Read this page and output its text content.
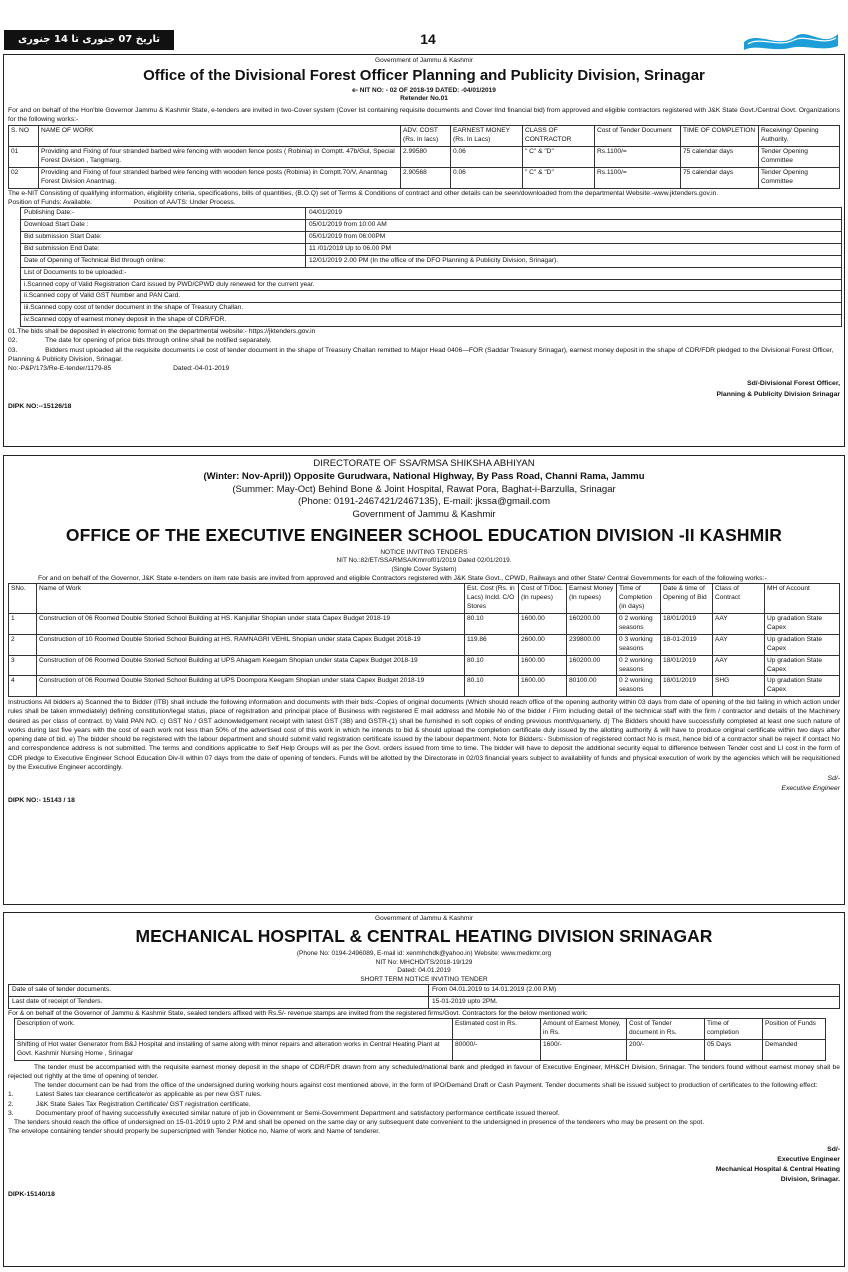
تاریخ 07 جنوری تا 14 جنوری 2019
14
Government of Jammu & Kashmir
Office of the Divisional Forest Officer Planning and Publicity Division, Srinagar
e- NIT NO: - 02 OF 2018-19 DATED: -04/01/2019
Retender No.01

For and on behalf of the Hon'ble Governor Jammu & Kashmir State, e-tenders are invited in two-Cover system (Cover Ist containing requisite documents and Cover IInd financial bid) from approved and eligible contractors registered with J&K State Govt./Central Govt. Organizations for the following works:-

S. NO	NAME OF WORK	ADV. COST (Rs. In lacs)	EARNEST MONEY (Rs. In Lacs)	CLASS OF CONTRACTOR	Cost of Tender Document	TIME OF COMPLETION	Receiving/ Opening Authority.
01	Providing and Fixing of four stranded barbed wire fencing with wooden fence posts ( Robinia) in Comptt. 47b/Gul, Special Forest Division , Tangmarg.	2.99580	0.06	" C" & "D"	Rs.1100/=	75 calendar days	Tender Opening Committee
02	Providing and Fixing of four stranded barbed wire fencing with wooden fence posts (Robinia) in Comptt.70/V, Anantnag Forest Division Anantnag.	2.90568	0.06	" C" & "D"	Rs.1100/=	75 calendar days	Tender Opening Committee
The e-NIT Consisting of qualifying information, eligibility criteria, specifications, bills of quantities, (B.O.Q) set of Terms & Conditions of contract and other details can be seen/downloaded from the departmental Website:-www.jktenders.gov.in.
Position of Funds: Available.	Position of AA/TS: Under Process.
Publishing Date:-	04/01/2019
Download Start Date :	05/01/2019 from 10:00 AM
Bid submission Start Date:	05/01/2019 from 06:00PM
Bid submission End Date:	11 /01/2019 Up to 06.00 PM
Date of Opening of Technical Bid through online:	12/01/2019 2.00 PM (In the office of the DFO Planning & Publicity Division, Srinagar).
List of Documents to be uploaded:-	
i.Scanned copy of Valid Registration Card issued by PWD/CPWD duly renewed for the current year.	
ii.Scanned copy of Valid GST Number and PAN Card.	
iii.Scanned copy cost of tender document in the shape of Treasury Challan.	
iv.Scanned copy of earnest money deposit in the shape of CDR/FDR.	
01.The bids shall be deposited in electronic format on the departmental website:- https://jktenders.gov.in
02.	The date for opening of price bids through online shall be notified separately.
03.	Bidders must uploaded all the requisite documents i.e cost of tender document in the shape of Treasury Challan remitted to Major Head 0406—FOR (Saddar Treasury Srinagar), earnest money deposit in the shape of CDR/FDR pledged to the Divisional Forest Officer, Planning & Publicity Division, Srinagar.
No:-P&P/173/Re-E-tender/1179-85	Dated:-04-01-2019
Sd/-Divisional Forest Officer,
Planning & Publicity Division Srinagar
DIPK NO:--15126/18
DIRECTORATE OF SSA/RMSA SHIKSHA ABHIYAN
(Winter: Nov-April)) Opposite Gurudwara, National Highway, By Pass Road, Channi Rama, Jammu
(Summer: May-Oct) Behind Bone & Joint Hospital, Rawat Pora, Baghat-i-Barzulla, Srinagar
(Phone: 0191-2467421/2467135), E-mail: jkssa@gmail.com
Government of Jammu & Kashmir
OFFICE OF THE EXECUTIVE ENGINEER SCHOOL EDUCATION DIVISION -II KASHMIR
NOTICE INVITING TENDERS
NIT No.:82/ET/SSARMSA/Kmrrof01/2019 Dated 02/01/2019.
(Single Cover System)

For and on behalf of the Governor, J&K State e-tenders on item rate basis are invited from approved and eligible Contractors registered with J&K State Govt., CPWD, Railways and other State/ Central Governments for each of the following works:-

SNo.	Name of Work	Est. Cost (Rs. in Lacs) Incld. C/O Stores	Cost of T/Doc. (In rupees)	Earnest Money (In rupees)	Time of Completion (in days)	Date & time of Opening of Bid	Class of Contract	MH of Account
1	Construction of 06 Roomed Double Storied School Building at HS. Kanjullar Shopian under stata Capex Budget 2018-19	80.10	1600.00	160200.00	0 2 working seasons	18/01/2019	AAY	Up gradation State Capex
2	Construction of 10 Roomed Double Storied School Building at HS. RAMNAGRI VEHIL Shopian under stata Capex Budget 2018-19	119.86	2600.00	239800.00	0 3 working seasons	18-01-2019	AAY	Up gradation State Capex
3	Construction of 06 Roomed Double Storied School Building at UPS Ahagam Keegam Shopian under stata Capex Budget 2018-19	80.10	1600.00	160200.00	0 2 working seasons	18/01/2019	AAY	Up gradation State Capex
4	Construction of 06 Roomed Double Storied School Building at UPS Doompora Keegam Shopian under stata Capex Budget 2018-19	80.10	1600.00	80100.00	0 2 working seasons	18/01/2019	SHG	Up gradation State Capex

Instructions All bidders a) Scanned the to Bidder (ITB) shall include the following information and documents with their bids:-Copies of original documents (Which should reach office of the opening authority within 03 days from date of opening of the bid failing in which action under rules shall be taken immediately) defining constitution/legal status, place of registration and principal place of Business with registered E mail address and Mobile No of the bidder / Firm including detail of the technical staff with the firm / contractor and details of the Machinery desired as per class of contract. b) Valid PAN NO. c) GST No / GST acknowledgement receipt with latest GST (3B) and GSTR-(1) shall be furnished in soft copies of ending previous month/quarterly. d) The Bidders should have successfully completed at least one such nature of works during last five years with the cost of each work not less than 50% of the advertised cost of this work in which he intends to bid & should upload the completion certificate duly issued by the allotting authority & will have to produce original certificate within two days after opening date of bid. e) The bidder should be registered with the labour department and should submit valid registration certificate issued by the labour department. Note for Bidders:- Submission of registered contact No is must, hence bid of a contractor shall be reject if contact No and correspondence address is not submitted. The terms and conditions applicable to Self Help Groups will as per the Govt. orders issued from time to time. The bidder will have to deposit the additional security equal to difference between Tender cost and LI cost in the form of CDR pledge to Executive Engineer School Education Div-II within 07 days from the date of opening of tenders. Funds will be allotted by the Directorate in 02/03 financial years subject to availability of funds and physical execution of work by the agencies which will be requisitioned by the Executive Engineer accordingly.

Sd/-
Executive Engineer
DIPK NO:- 15143 / 18
Government of Jammu & Kashmir
MECHANICAL HOSPITAL & CENTRAL HEATING DIVISION SRINAGAR
(Phone No: 0194-2496089, E-mail id: xenmhchdk@yahoo.in) Website: www.medkmr.org
NIT No: MHCHD/TS/2018-19/129
Dated: 04.01.2019
SHORT TERM NOTICE INVITING TENDER
Date of sale of tender documents.	From 04.01.2019 to 14.01.2019 (2.00 P.M)
Last date of receipt of Tenders.	15-01-2019 upto 2PM.
For & on behalf of the Governor of Jammu & Kashmir State, sealed tenders affixed with Rs.5/- revenue stamps are invited from the registered firms/Govt. Contractors for the below mentioned work:
Description of work.	Estimated cost in Rs.	Amount of Earnest Money, in Rs.	Cost of Tender document in Rs.	Time of completion	Position of Funds
Shifting of Hot water Generator from B&J Hospital and installing of same along with minor repairs and alteration works in Central Heating Plant at Govt. Kashmir Nursing Home , Srinagar	80000/-	1600/-	200/-	05 Days	Demanded

The tender must be accompanied with the requisite earnest money deposit in the shape of CDR/FDR drawn from any scheduled/national bank and pledged in favour of Executive Engineer, MH&CH Division, Srinagar. The tenders found without earnest money shall be rejected out rightly at the time of opening of tender.

The tender document can be had from the office of the undersigned during working hours against cost mentioned above, in the form of IPO/Demand Draft or Cash Payment. Tender documents shall be issued subject to production of certificates to the following effect:

1.	Latest Sales tax clearance certificate/or as applicable as per new GST rules.
2.	J&K State Sales Tax Registration Certificate/ GST registration certificate.
3.	Documentary proof of having successfully executed similar nature of job in Government or Semi-Government Department and satisfactory performance certificate issued thereof.

The tenders should reach the office of undersigned on 15-01-2019 upto 2 P.M and shall be opened on the same day or any subsequent date convenient to the undersigned in presence of the tenderers who may be present on the spot.

The envelope containing tender should properly be superscripted with Tender Notice no, Name of work and Name of tenderer.

Sd/-
Executive Engineer
Mechanical Hospital & Central Heating
Division, Srinagar.
DIPK-15140/18
